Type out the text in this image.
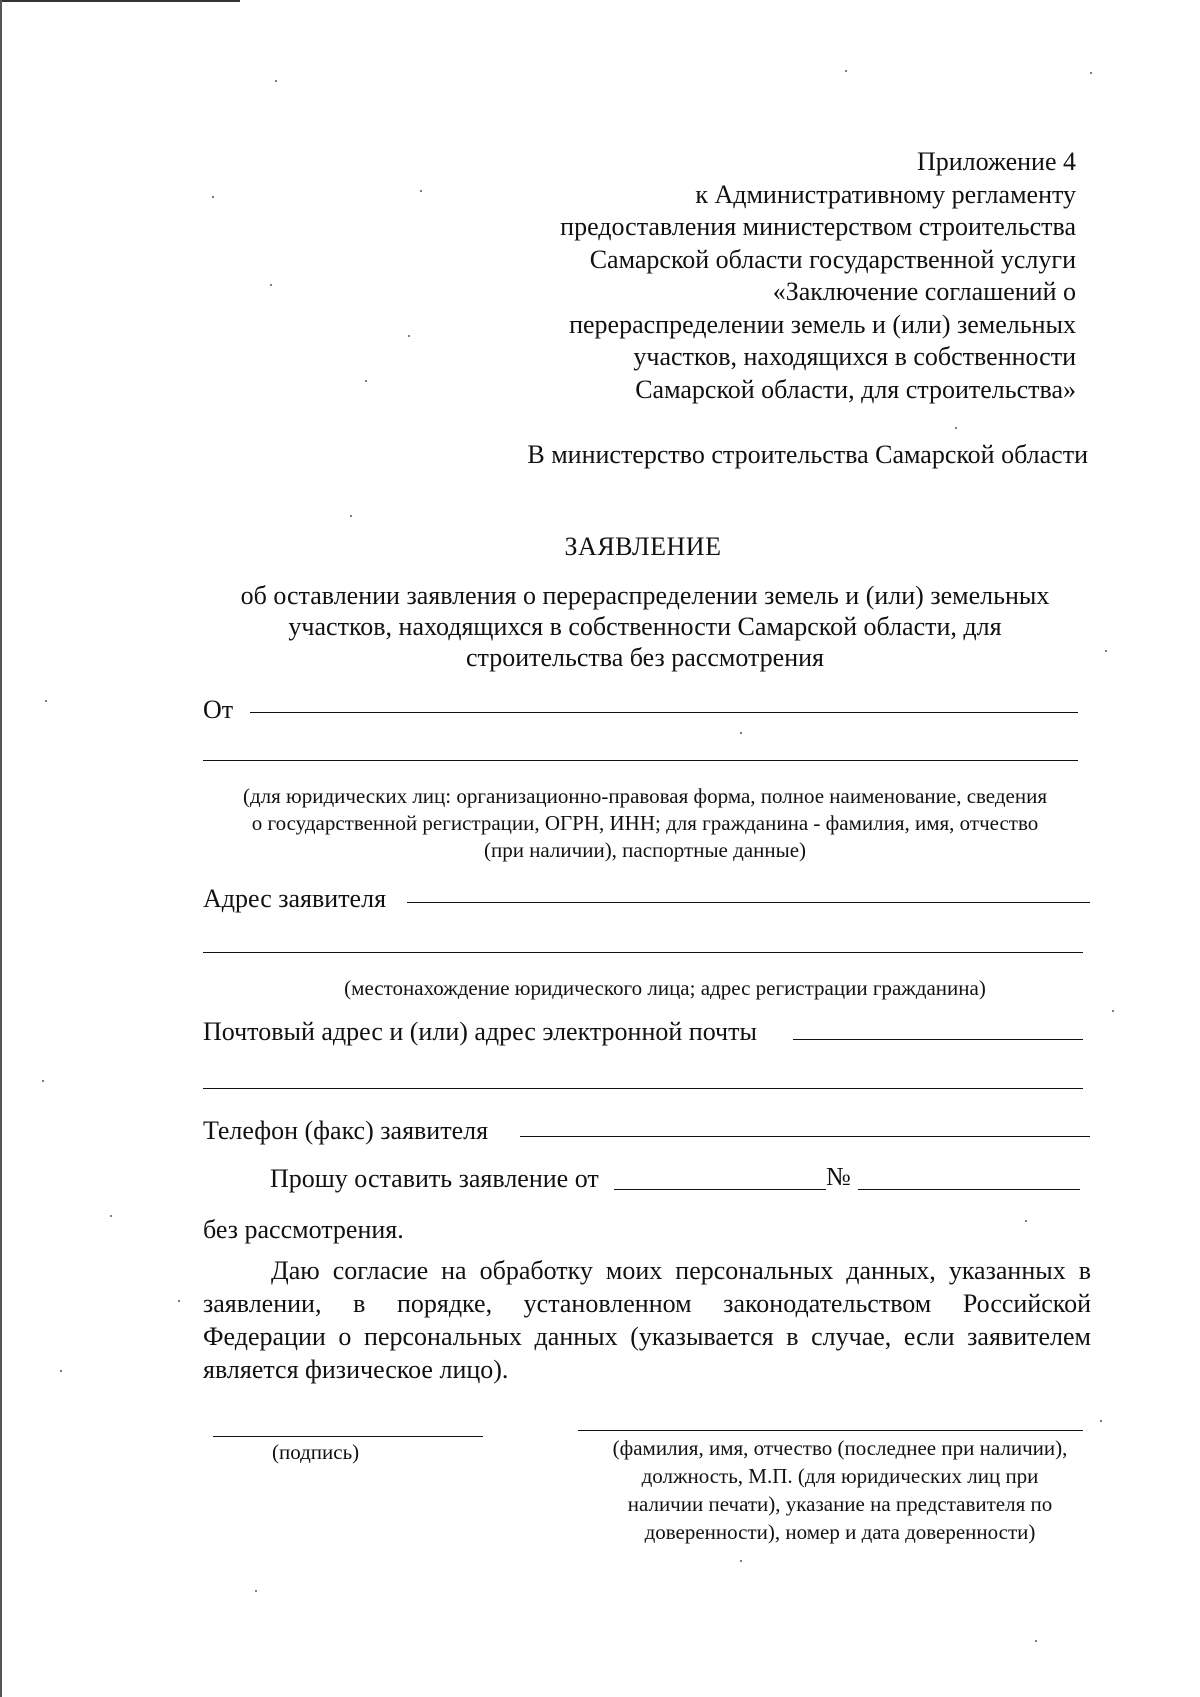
Приложение 4
к Административному регламенту
предоставления министерством строительства
Самарской области государственной услуги
«Заключение соглашений о
перераспределении земель и (или) земельных
участков, находящихся в собственности
Самарской области, для строительства»
В министерство строительства Самарской области
ЗАЯВЛЕНИЕ
об оставлении заявления о перераспределении земель и (или) земельных
участков, находящихся в собственности Самарской области, для
строительства без рассмотрения
От
(для юридических лиц: организационно-правовая форма, полное наименование, сведения
о государственной регистрации, ОГРН, ИНН; для гражданина - фамилия, имя, отчество
(при наличии), паспортные данные)
Адрес заявителя
(местонахождение юридического лица; адрес регистрации гражданина)
Почтовый адрес и (или) адрес электронной почты
Телефон (факс) заявителя
Прошу оставить заявление от	№
без рассмотрения.
Даю согласие на обработку моих персональных данных, указанных в заявлении, в порядке, установленном законодательством Российской Федерации о персональных данных (указывается в случае, если заявителем является физическое лицо).
(подпись)	(фамилия, имя, отчество (последнее при наличии),
должность, М.П. (для юридических лиц при
наличии печати), указание на представителя по
доверенности), номер и дата доверенности)
